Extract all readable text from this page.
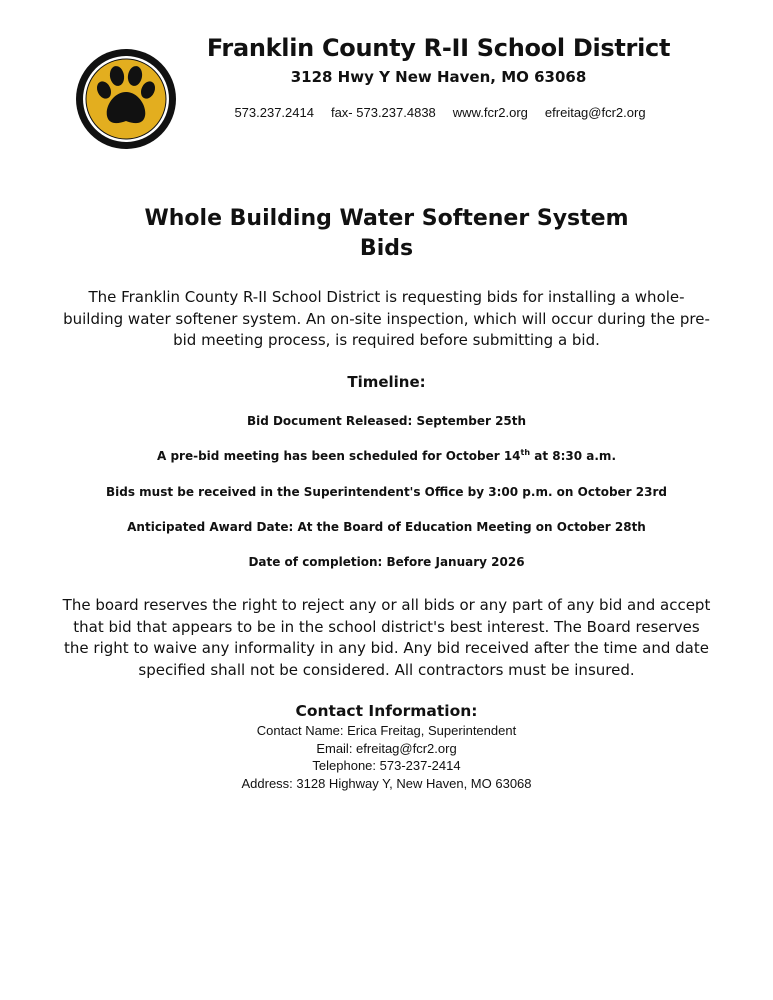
Franklin County R-II School District
3128 Hwy Y New Haven, MO 63068
573.237.2414 fax- 573.237.4838 www.fcr2.org efreitag@fcr2.org
Whole Building Water Softener System
Bids
The Franklin County R-II School District is requesting bids for installing a whole-building water softener system. An on-site inspection, which will occur during the pre-bid meeting process, is required before submitting a bid.
Timeline:
Bid Document Released: September 25th
A pre-bid meeting has been scheduled for October 14th at 8:30 a.m.
Bids must be received in the Superintendent's Office by 3:00 p.m. on October 23rd
Anticipated Award Date: At the Board of Education Meeting on October 28th
Date of completion: Before January 2026
The board reserves the right to reject any or all bids or any part of any bid and accept that bid that appears to be in the school district's best interest. The Board reserves the right to waive any informality in any bid. Any bid received after the time and date specified shall not be considered. All contractors must be insured.
Contact Information:
Contact Name: Erica Freitag, Superintendent
Email: efreitag@fcr2.org
Telephone: 573-237-2414
Address: 3128 Highway Y, New Haven, MO 63068
